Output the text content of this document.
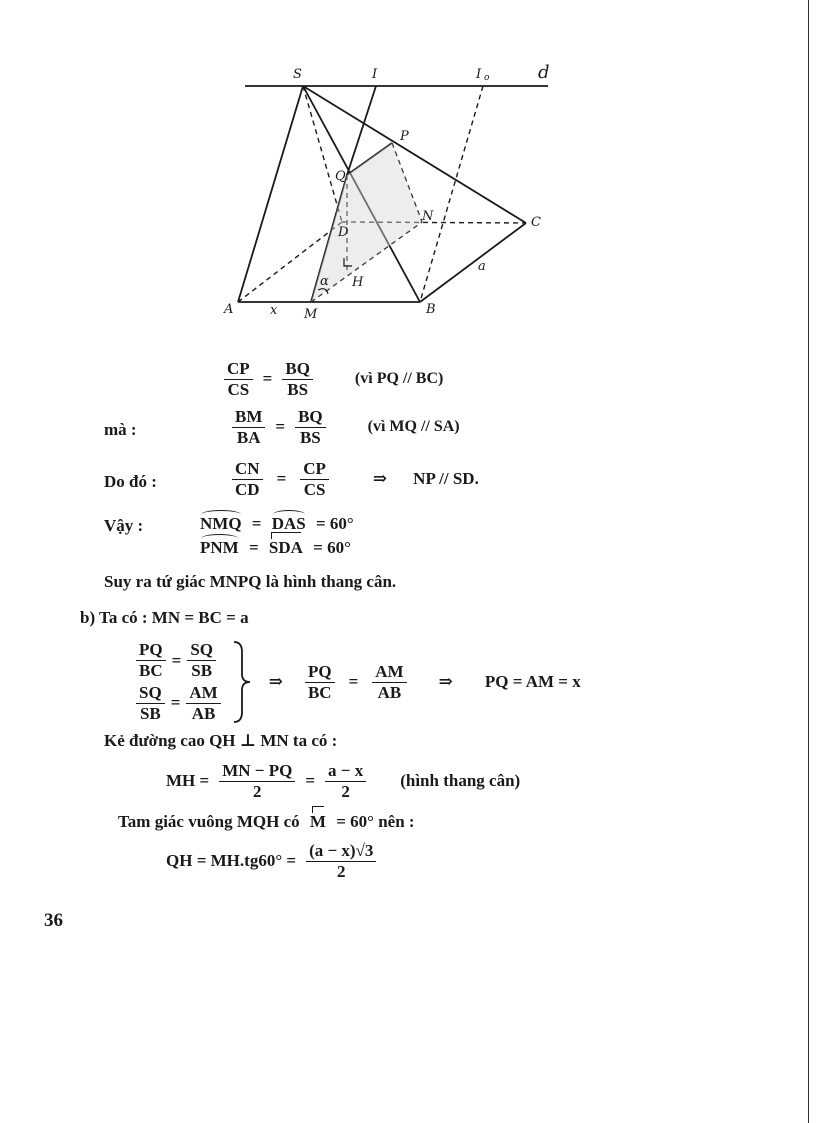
S	I	I o	d
P
Q
N	C
D
H
α
a
A	x M	B
$\frac{CP}{CS} = \frac{BQ}{BS}$	(vì PQ // BC)
mà :	$\frac{BM}{BA} = \frac{BQ}{BS}$	(vì MQ // SA)
Do đó :	$\frac{CN}{CD} = \frac{CP}{CS}$	⇒ NP // SD.
Vậy :	NMQ = DAS = 60°
PNM = SDA = 60°
Suy ra tứ giác MNPQ là hình thang cân.
b) Ta có : MN = BC = a
$\frac{PQ}{BC} = \frac{SQ}{SB}$
$\frac{SQ}{SB} = \frac{AM}{AB}$
⇒ $\frac{PQ}{BC} = \frac{AM}{AB}$ ⇒ PQ = AM = x
Kẻ đường cao QH ⊥ MN ta có :
MH = $\frac{MN - PQ}{2} = \frac{a - x}{2}$ (hình thang cân)
Tam giác vuông MQH có M = 60° nên :
QH = $MH.tg60^\circ = \frac{(a - x)√3}{2}$
36
